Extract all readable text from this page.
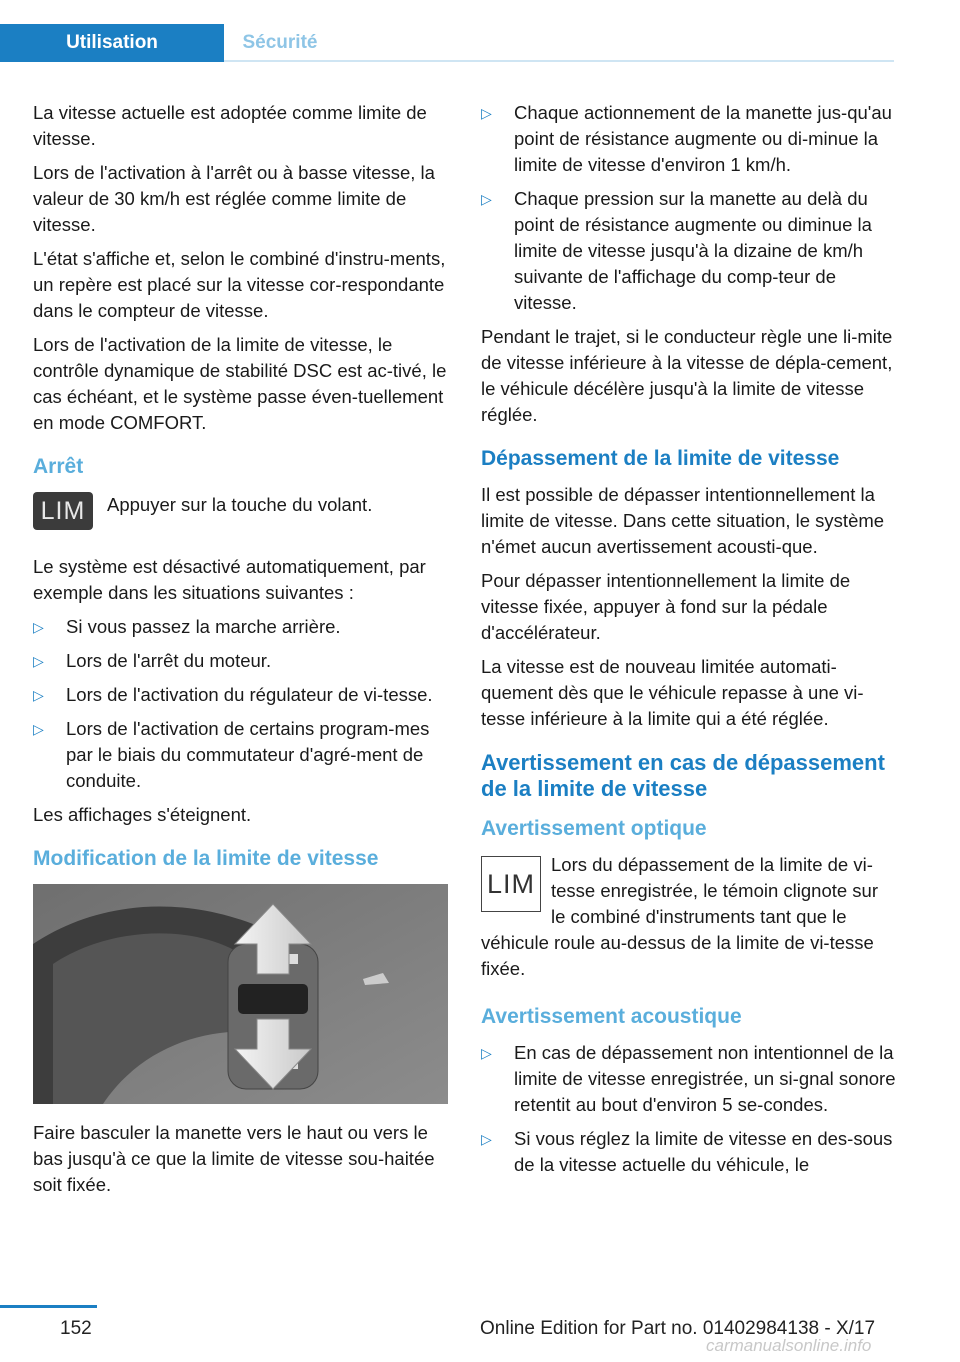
Utilisation	Sécurité

La vitesse actuelle est adoptée comme limite de vitesse.

Lors de l'activation à l'arrêt ou à basse vitesse, la valeur de 30 km/h est réglée comme limite de vitesse.

L'état s'affiche et, selon le combiné d'instru‐ments, un repère est placé sur la vitesse cor‐respondante dans le compteur de vitesse.

Lors de l'activation de la limite de vitesse, le contrôle dynamique de stabilité DSC est ac‐tivé, le cas échéant, et le système passe éven‐tuellement en mode COMFORT.

Arrêt
LIM	Appuyer sur la touche du volant.

Le système est désactivé automatiquement, par exemple dans les situations suivantes :

▷ Si vous passez la marche arrière.
▷ Lors de l'arrêt du moteur.
▷ Lors de l'activation du régulateur de vi‐tesse.
▷ Lors de l'activation de certains program‐mes par le biais du commutateur d'agré‐ment de conduite.

Les affichages s'éteignent.

Modification de la limite de vitesse

Faire basculer la manette vers le haut ou vers le bas jusqu'à ce que la limite de vitesse sou‐haitée soit fixée.

▷ Chaque actionnement de la manette jus‐qu'au point de résistance augmente ou di‐minue la limite de vitesse d'environ 1 km/h.
▷ Chaque pression sur la manette au delà du point de résistance augmente ou diminue la limite de vitesse jusqu'à la dizaine de km/h suivante de l'affichage du comp‐teur de vitesse.

Pendant le trajet, si le conducteur règle une li‐mite de vitesse inférieure à la vitesse de dépla‐cement, le véhicule décélère jusqu'à la limite de vitesse réglée.

Dépassement de la limite de vitesse

Il est possible de dépasser intentionnellement la limite de vitesse. Dans cette situation, le système n'émet aucun avertissement acousti‐que.

Pour dépasser intentionnellement la limite de vitesse fixée, appuyer à fond sur la pédale d'accélérateur.

La vitesse est de nouveau limitée automati‐quement dès que le véhicule repasse à une vi‐tesse inférieure à la limite qui a été réglée.

Avertissement en cas de dépassement de la limite de vitesse
Avertissement optique
LIM

Lors du dépassement de la limite de vi‐tesse enregistrée, le témoin clignote sur le combiné d'instruments tant que le véhicule roule au-dessus de la limite de vi‐tesse fixée.

Avertissement acoustique
▷ En cas de dépassement non intentionnel de la limite de vitesse enregistrée, un si‐gnal sonore retentit au bout d'environ 5 se‐condes.
▷ Si vous réglez la limite de vitesse en des‐sous de la vitesse actuelle du véhicule, le
152	Online Edition for Part no. 01402984138 - X/17
carmanualsonline.info
